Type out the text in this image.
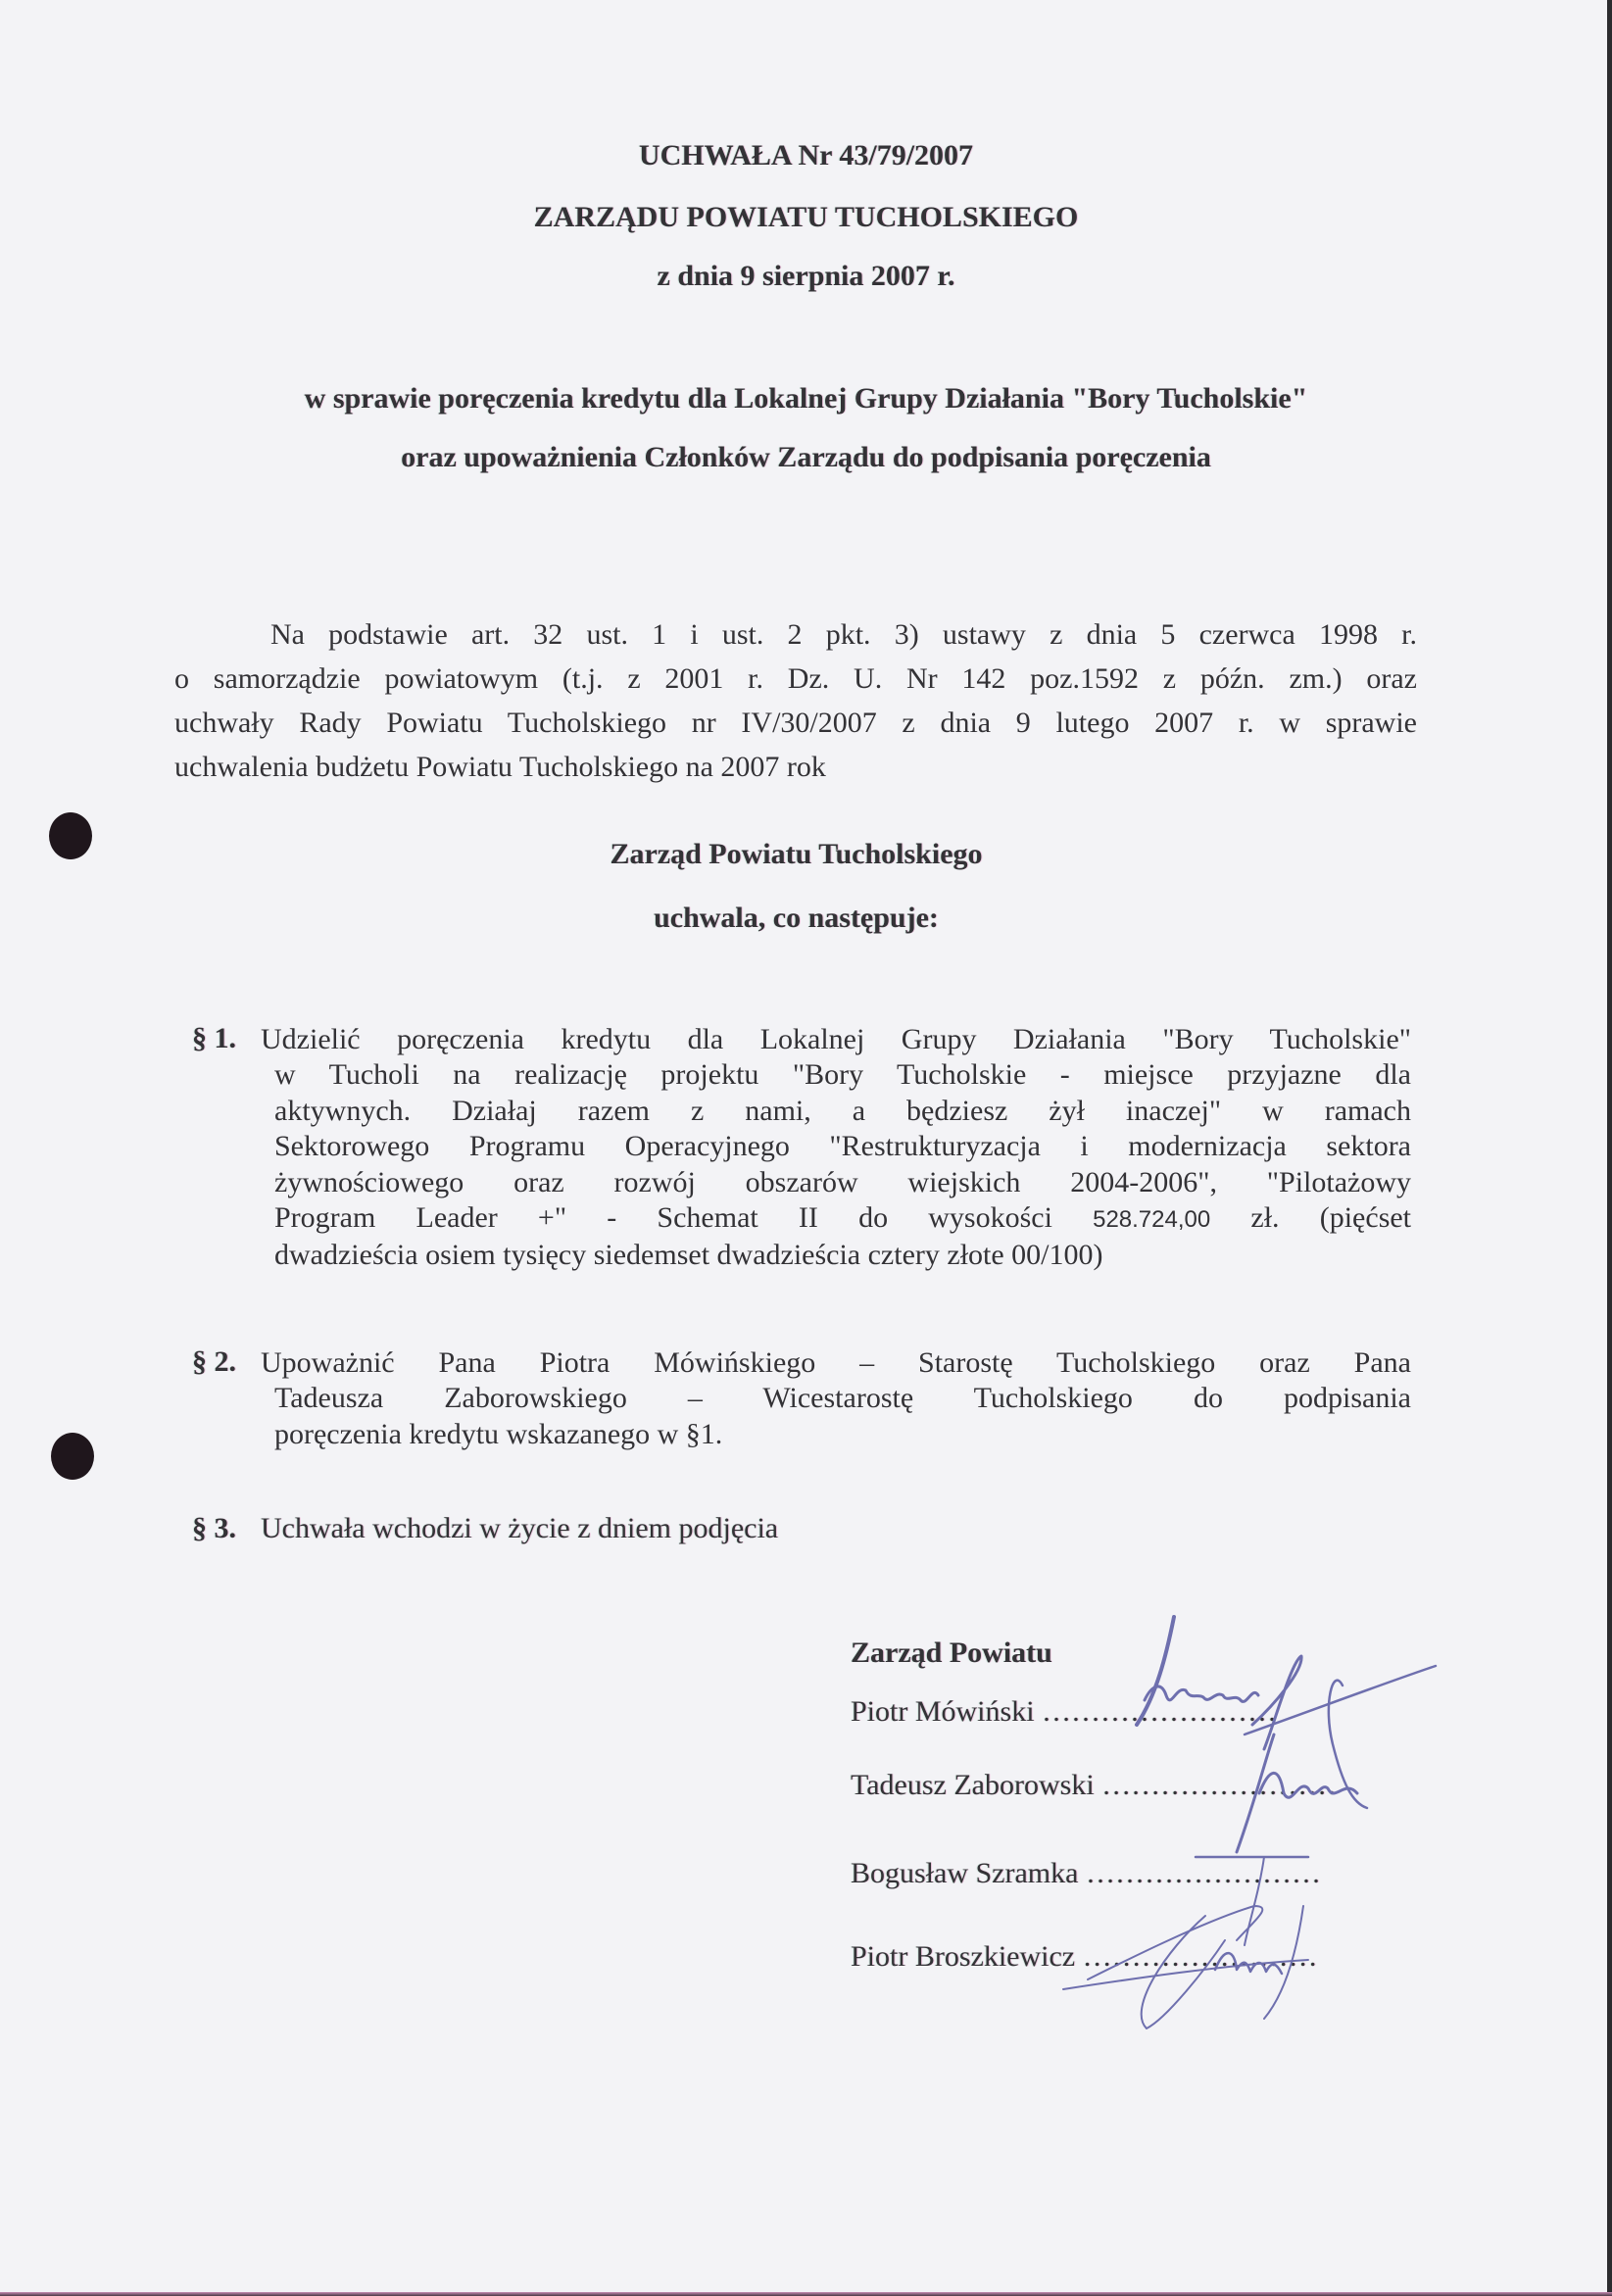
UCHWAŁA Nr 43/79/2007
ZARZĄDU POWIATU TUCHOLSKIEGO
z dnia 9 sierpnia 2007 r.
w sprawie poręczenia kredytu dla Lokalnej Grupy Działania "Bory Tucholskie"
oraz upoważnienia Członków Zarządu do podpisania poręczenia
Na podstawie art. 32 ust. 1 i ust. 2 pkt. 3) ustawy z dnia 5 czerwca 1998 r.
o samorządzie powiatowym (t.j. z 2001 r. Dz. U. Nr 142 poz.1592 z późn. zm.) oraz
uchwały Rady Powiatu Tucholskiego nr IV/30/2007 z dnia 9 lutego 2007 r. w sprawie
uchwalenia budżetu Powiatu Tucholskiego na 2007 rok
Zarząd Powiatu Tucholskiego
uchwala, co następuje:
§ 1. Udzielić poręczenia kredytu dla Lokalnej Grupy Działania "Bory Tucholskie"
w Tucholi na realizację projektu "Bory Tucholskie - miejsce przyjazne dla
aktywnych. Działaj razem z nami, a będziesz żył inaczej" w ramach
Sektorowego Programu Operacyjnego "Restrukturyzacja i modernizacja sektora
żywnościowego oraz rozwój obszarów wiejskich 2004-2006", "Pilotażowy
Program Leader +" - Schemat II do wysokości 528.724,00 zł. (pięćset
dwadzieścia osiem tysięcy siedemset dwadzieścia cztery złote 00/100)
§ 2. Upoważnić Pana Piotra Mówińskiego – Starostę Tucholskiego oraz Pana
Tadeusza Zaborowskiego – Wicestarostę Tucholskiego do podpisania
poręczenia kredytu wskazanego w §1.
§ 3. Uchwała wchodzi w życie z dniem podjęcia
Zarząd Powiatu
Piotr Mówiński ……………………
Tadeusz Zaborowski ……………………
Bogusław Szramka ……………………
Piotr Broszkiewicz ……………………
